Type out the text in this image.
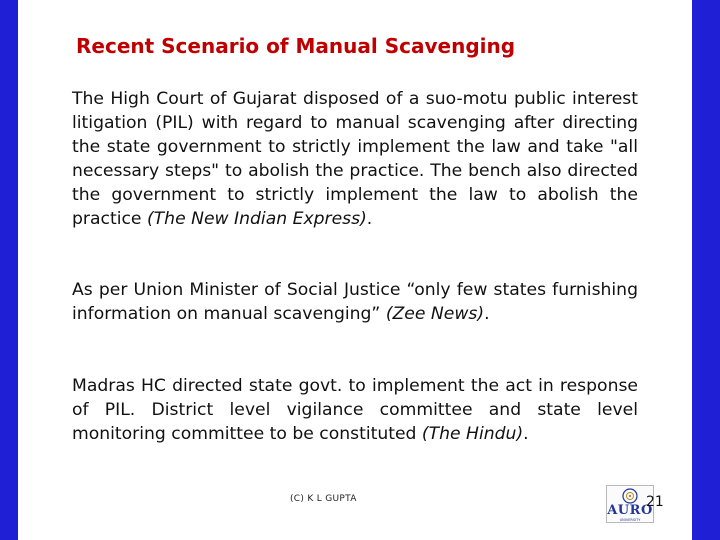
Recent Scenario of Manual Scavenging

The High Court of Gujarat disposed of a suo-motu public interest litigation (PIL) with regard to manual scavenging after directing the state government to strictly implement the law and take "all necessary steps" to abolish the practice. The bench also directed the government to strictly implement the law to abolish the practice (The New Indian Express).

As per Union Minister of Social Justice “only few states furnishing information on manual scavenging” (Zee News).

Madras HC directed state govt. to implement the act in response of PIL. District level vigilance committee and state level monitoring committee to be constituted (The Hindu).

(C) K L GUPTA
AURO
UNIVERSITY
21
